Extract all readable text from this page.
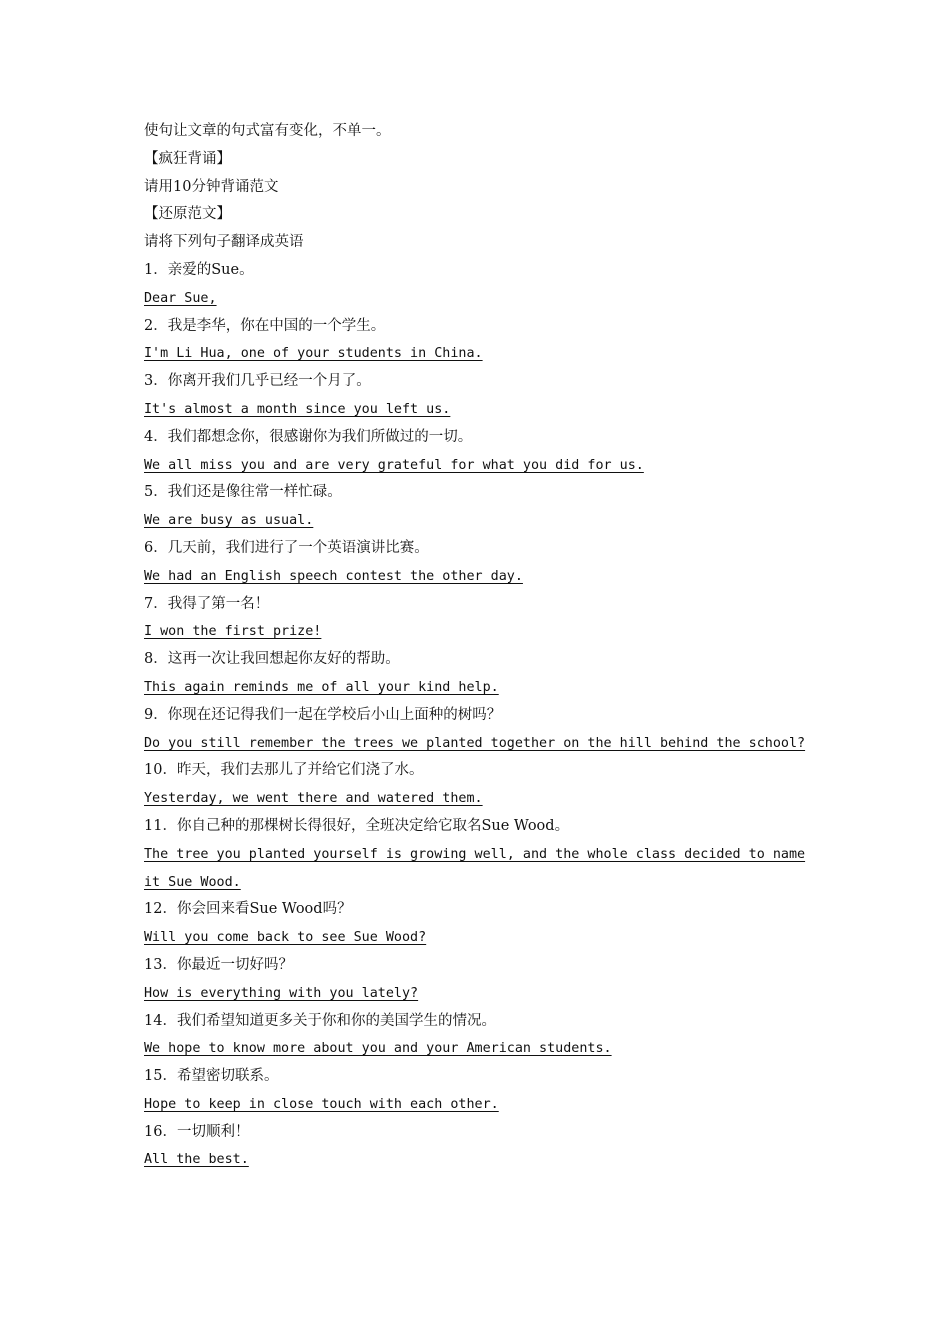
使句让文章的句式富有变化，不单一。
【疯狂背诵】
请用10分钟背诵范文
【还原范文】
请将下列句子翻译成英语
1．亲爱的Sue。
Dear Sue,
2．我是李华，你在中国的一个学生。
I'm Li Hua, one of your students in China.
3．你离开我们几乎已经一个月了。
It's almost a month since you left us.
4．我们都想念你，很感谢你为我们所做过的一切。
We all miss you and are very grateful for what you did for us.
5．我们还是像往常一样忙碌。
We are busy as usual.
6．几天前，我们进行了一个英语演讲比赛。
We had an English speech contest the other day.
7．我得了第一名！
I won the first prize!
8．这再一次让我回想起你友好的帮助。
This again reminds me of all your kind help.
9．你现在还记得我们一起在学校后小山上面种的树吗？
Do you still remember the trees we planted together on the hill behind the school?
10．昨天，我们去那儿了并给它们浇了水。
Yesterday, we went there and watered them.
11．你自己种的那棵树长得很好，全班决定给它取名Sue Wood。
The tree you planted yourself is growing well, and the whole class decided to name it Sue Wood.
12．你会回来看Sue Wood吗？
Will you come back to see Sue Wood?
13．你最近一切好吗？
How is everything with you lately?
14．我们希望知道更多关于你和你的美国学生的情况。
We hope to know more about you and your American students.
15．希望密切联系。
Hope to keep in close touch with each other.
16．一切顺利！
All the best.
